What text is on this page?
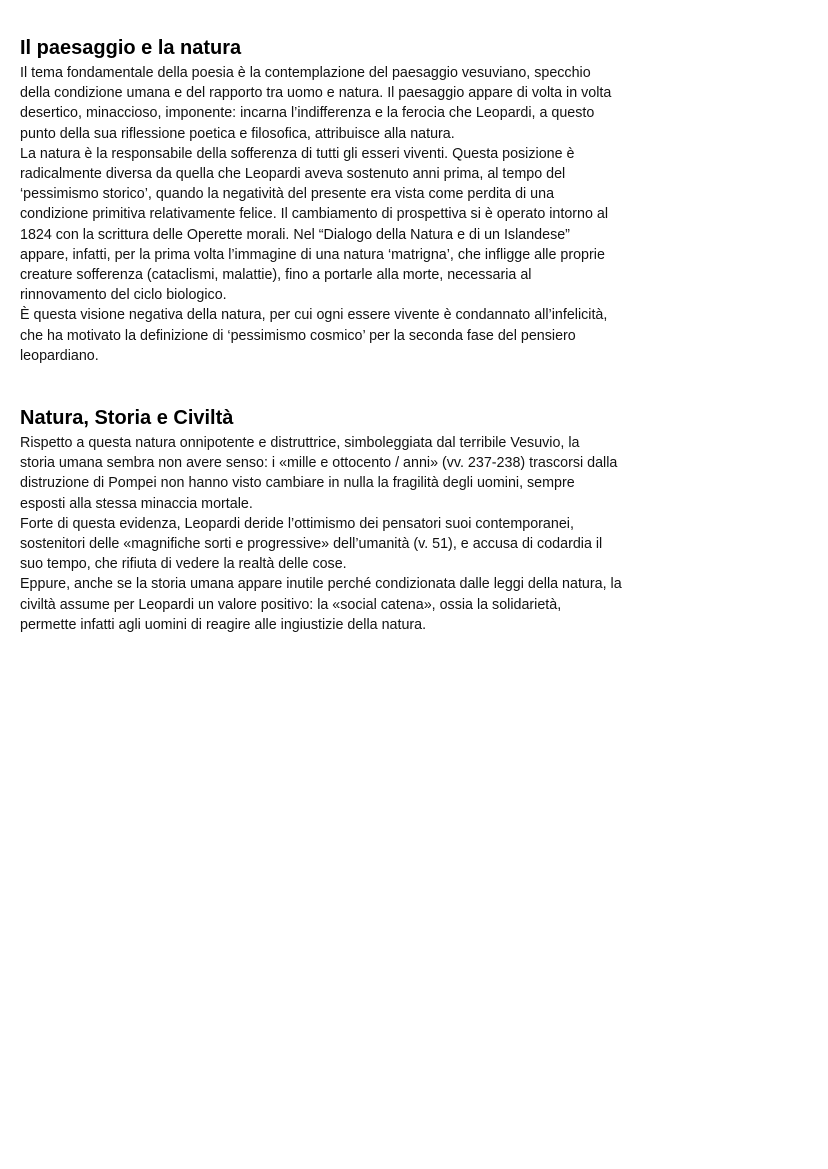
Il paesaggio e la natura

Il tema fondamentale della poesia è la contemplazione del paesaggio vesuviano, specchio
della condizione umana e del rapporto tra uomo e natura. Il paesaggio appare di volta in volta
desertico, minaccioso, imponente: incarna l’indifferenza e la ferocia che Leopardi, a questo
punto della sua riflessione poetica e filosofica, attribuisce alla natura.

La natura è la responsabile della sofferenza di tutti gli esseri viventi. Questa posizione è
radicalmente diversa da quella che Leopardi aveva sostenuto anni prima, al tempo del
‘pessimismo storico’, quando la negatività del presente era vista come perdita di una
condizione primitiva relativamente felice. Il cambiamento di prospettiva si è operato intorno al
1824 con la scrittura delle Operette morali. Nel “Dialogo della Natura e di un Islandese”
appare, infatti, per la prima volta l’immagine di una natura ‘matrigna’, che infligge alle proprie
creature sofferenza (cataclismi, malattie), fino a portarle alla morte, necessaria al
rinnovamento del ciclo biologico.

È questa visione negativa della natura, per cui ogni essere vivente è condannato all’infelicità,
che ha motivato la definizione di ‘pessimismo cosmico’ per la seconda fase del pensiero
leopardiano.

Natura, Storia e Civiltà

Rispetto a questa natura onnipotente e distruttrice, simboleggiata dal terribile Vesuvio, la
storia umana sembra non avere senso: i «mille e ottocento / anni» (vv. 237-238) trascorsi dalla
distruzione di Pompei non hanno visto cambiare in nulla la fragilità degli uomini, sempre
esposti alla stessa minaccia mortale.

Forte di questa evidenza, Leopardi deride l’ottimismo dei pensatori suoi contemporanei,
sostenitori delle «magnifiche sorti e progressive» dell’umanità (v. 51), e accusa di codardia il
suo tempo, che rifiuta di vedere la realtà delle cose.

Eppure, anche se la storia umana appare inutile perché condizionata dalle leggi della natura, la
civiltà assume per Leopardi un valore positivo: la «social catena», ossia la solidarietà,
permette infatti agli uomini di reagire alle ingiustizie della natura.
